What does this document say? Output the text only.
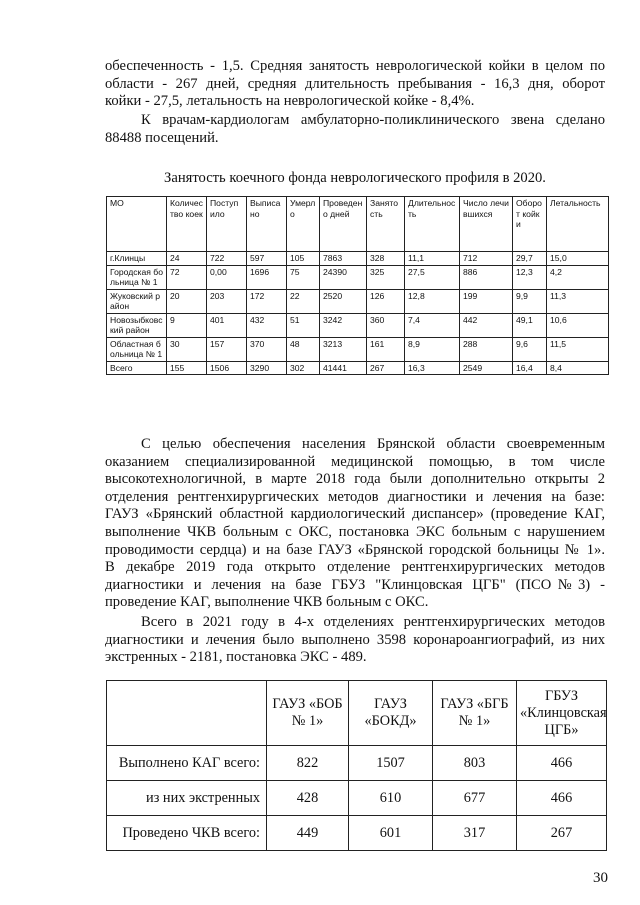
обеспеченность - 1,5. Средняя занятость неврологической койки в целом по
области - 267 дней, средняя длительность пребывания - 16,3 дня, оборот
койки - 27,5, летальность на неврологической койке - 8,4%.

К врачам-кардиологам амбулаторно-поликлинического звена сделано
88488 посещений.

Занятость коечного фонда неврологического профиля в 2020.

МО	Количество коек	Поступило	Выписано	Умерло	Проведено дней	Занятость	Длительность	Число лечившихся	Оборот койки	Летальность
г.Клинцы	24	722	597	105	7863	328	11,1	712	29,7	15,0
Городская больница № 1	72	0,00	1696	75	24390	325	27,5	886	12,3	4,2
Жуковский район	20	203	172	22	2520	126	12,8	199	9,9	11,3
Новозыбковский район	9	401	432	51	3242	360	7,4	442	49,1	10,6
Областная больница № 1	30	157	370	48	3213	161	8,9	288	9,6	11,5
Всего	155	1506	3290	302	41441	267	16,3	2549	16,4	8,4

С целью обеспечения населения Брянской области своевременным
оказанием специализированной медицинской помощью, в том числе
высокотехнологичной, в марте 2018 года были дополнительно открыты 2
отделения рентгенхирургических методов диагностики и лечения на базе:
ГАУЗ «Брянский областной кардиологический диспансер» (проведение КАГ,
выполнение ЧКВ больным с ОКС, постановка ЭКС больным с нарушением
проводимости сердца) и на базе ГАУЗ «Брянской городской больницы № 1».
В декабре 2019 года открыто отделение рентгенхирургических методов
диагностики и лечения на базе ГБУЗ "Клинцовская ЦГБ" (ПСО№3) -
проведение КАГ, выполнение ЧКВ больным с ОКС.

Всего в 2021 году в 4-х отделениях рентгенхирургических методов
диагностики и лечения было выполнено 3598 коронароангиографий, из них
экстренных - 2181, постановка ЭКС - 489.

	ГАУЗ «БОБ № 1»	ГАУЗ «БОКД»	ГАУЗ «БГБ № 1»	ГБУЗ «Клинцовская ЦГБ»
Выполнено КАГ всего:	822	1507	803	466
из них экстренных	428	610	677	466
Проведено ЧКВ всего:	449	601	317	267
30
